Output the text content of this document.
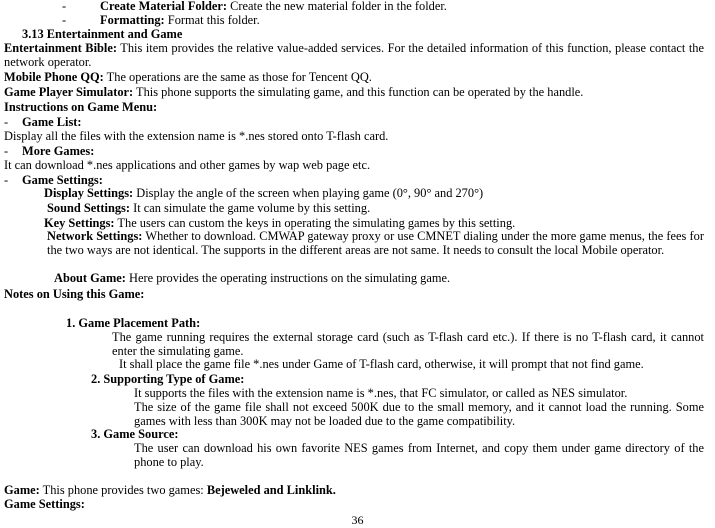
-	Create Material Folder: Create the new material folder in the folder.
-	Formatting: Format this folder.
3.13 Entertainment and Game
Entertainment Bible: This item provides the relative value-added services. For the detailed information of this function, please contact the network operator.
Mobile Phone QQ: The operations are the same as those for Tencent QQ.
Game Player Simulator: This phone supports the simulating game, and this function can be operated by the handle.
Instructions on Game Menu:
- Game List:
Display all the files with the extension name is *.nes stored onto T-flash card.
- More Games:
It can download *.nes applications and other games by wap web page etc.
- Game Settings:
Display Settings: Display the angle of the screen when playing game (0°, 90° and 270°)
Sound Settings: It can simulate the game volume by this setting.
Key Settings: The users can custom the keys in operating the simulating games by this setting.
Network Settings: Whether to download. CMWAP gateway proxy or use CMNET dialing under the more game menus, the fees for the two ways are not identical. The supports in the different areas are not same. It needs to consult the local Mobile operator.
About Game: Here provides the operating instructions on the simulating game.
Notes on Using this Game:
1. Game Placement Path:
The game running requires the external storage card (such as T-flash card etc.). If there is no T-flash card, it cannot enter the simulating game.
It shall place the game file *.nes under Game of T-flash card, otherwise, it will prompt that not find game.
2. Supporting Type of Game:
It supports the files with the extension name is *.nes, that FC simulator, or called as NES simulator.
The size of the game file shall not exceed 500K due to the small memory, and it cannot load the running. Some games with less than 300K may not be loaded due to the game compatibility.
3. Game Source:
The user can download his own favorite NES games from Internet, and copy them under game directory of the phone to play.
Game: This phone provides two games: Bejeweled and Linklink.
Game Settings:
36
